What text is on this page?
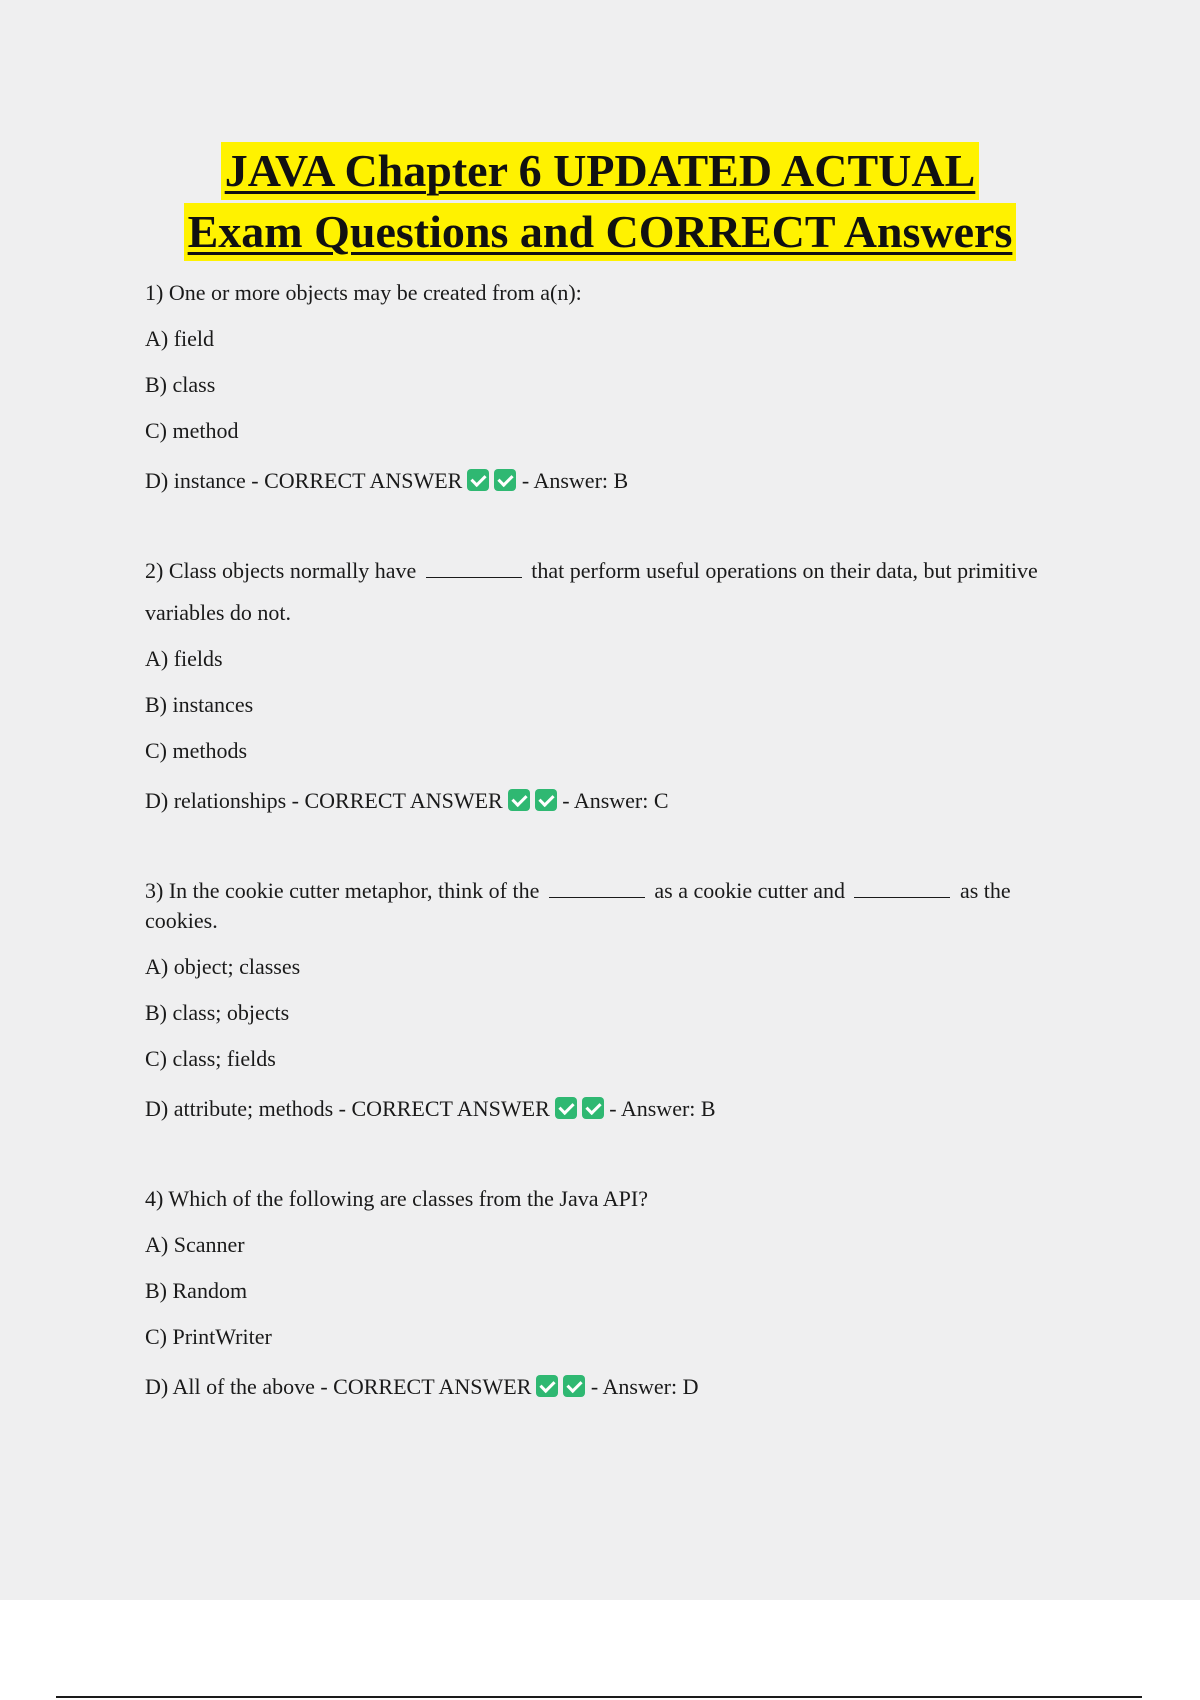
JAVA Chapter 6 UPDATED ACTUAL
Exam Questions and CORRECT Answers

1) One or more objects may be created from a(n):

A) field
B) class
C) method
D) instance - CORRECT ANSWER	- Answer: B

2) Class objects normally have	that perform useful operations on their data, but primitive

variables do not.

A) fields
B) instances
C) methods
D) relationships - CORRECT ANSWER	- Answer: C

3) In the cookie cutter metaphor, think of the	as a cookie cutter and	as the cookies.

A) object; classes
B) class; objects
C) class; fields
D) attribute; methods - CORRECT ANSWER	- Answer: B

4) Which of the following are classes from the Java API?

A) Scanner
B) Random
C) PrintWriter
D) All of the above - CORRECT ANSWER	- Answer: D
